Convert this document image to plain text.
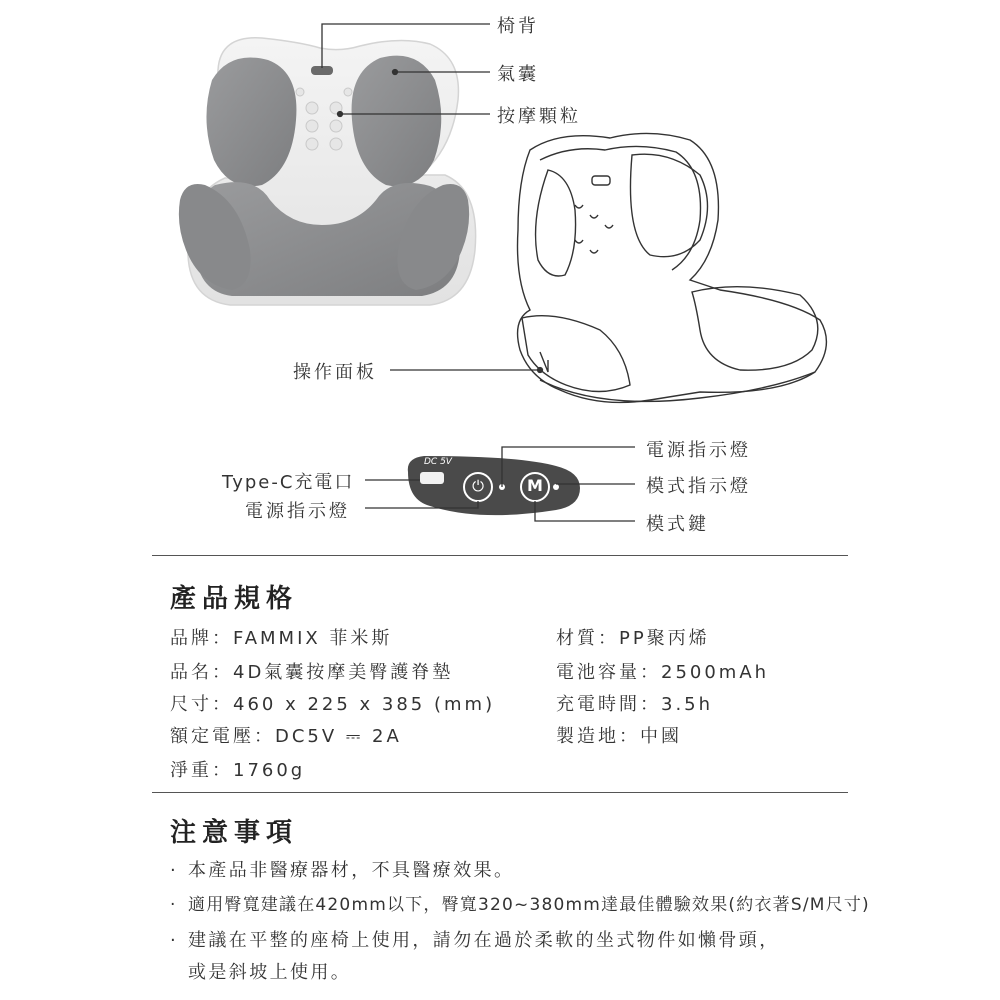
DC 5V
⏻	M
椅背
氣囊
按摩顆粒
操作面板
電源指示燈
模式指示燈
模式鍵
Type-C充電口
電源指示燈
產品規格
品牌：FAMMIX 菲米斯
品名：4D氣囊按摩美臀護脊墊
尺寸：460 x 225 x 385 (mm)
額定電壓：DC5V ⎓ 2A
淨重：1760g
材質：PP聚丙烯
電池容量：2500mAh
充電時間：3.5h
製造地：中國
注意事項
· 本產品非醫療器材，不具醫療效果。
· 適用臀寬建議在420mm以下，臀寬320~380mm達最佳體驗效果(約衣著S/M尺寸)
· 建議在平整的座椅上使用，請勿在過於柔軟的坐式物件如懶骨頭，
或是斜坡上使用。
